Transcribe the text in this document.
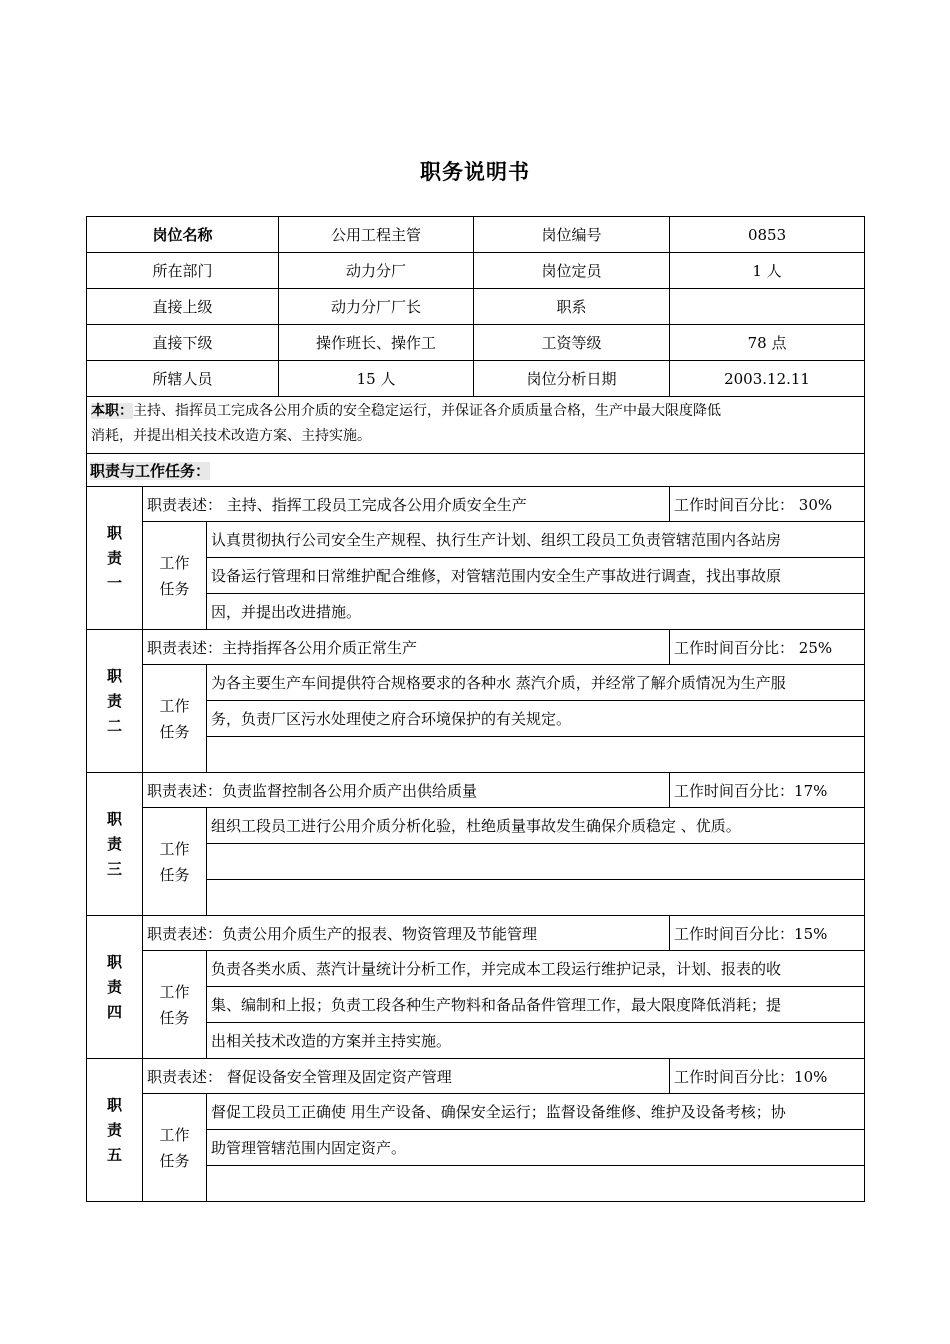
职务说明书
岗位名称			公用工程主管	岗位编号	0853
所在部门			动力分厂	岗位定员	1 人
直接上级			动力分厂厂长	职系	
直接下级			操作班长、操作工	工资等级	78 点
所辖人员			15 人	岗位分析日期	2003.12.11
本职：主持、指挥员工完成各公用介质的安全稳定运行，并保证各介质质量合格，生产中最大限度降低
消耗，并提出相关技术改造方案、主持实施。					
职责与工作任务：					
职
责
一	职责表述： 主持、指挥工段员工完成各公用介质安全生产				工作时间百分比： 30%
	工作
任务	认真贯彻执行公司安全生产规程、执行生产计划、组织工段员工负责管辖范围内各站房			
		设备运行管理和日常维护配合维修，对管辖范围内安全生产事故进行调查，找出事故原			
		因，并提出改进措施。			
职
责
二	职责表述：主持指挥各公用介质正常生产				工作时间百分比： 25%
	工作
任务	为各主要生产车间提供符合规格要求的各种水 蒸汽介质，并经常了解介质情况为生产服			
		务，负责厂区污水处理使之府合环境保护的有关规定。			

职
责
三	职责表述：负责监督控制各公用介质产出供给质量				工作时间百分比：17%
	工作
任务	组织工段员工进行公用介质分析化验，杜绝质量事故发生确保介质稳定 、优质。			

职
责
四	职责表述：负责公用介质生产的报表、物资管理及节能管理				工作时间百分比：15%
	工作
任务	负责各类水质、蒸汽计量统计分析工作，并完成本工段运行维护记录，计划、报表的收			
		集、编制和上报；负责工段各种生产物料和备品备件管理工作，最大限度降低消耗；提			
		出相关技术改造的方案并主持实施。			
职
责
五	职责表述： 督促设备安全管理及固定资产管理				工作时间百分比：10%
	工作
任务	督促工段员工正确使 用生产设备、确保安全运行；监督设备维修、维护及设备考核；协			
		助管理管辖范围内固定资产。			
